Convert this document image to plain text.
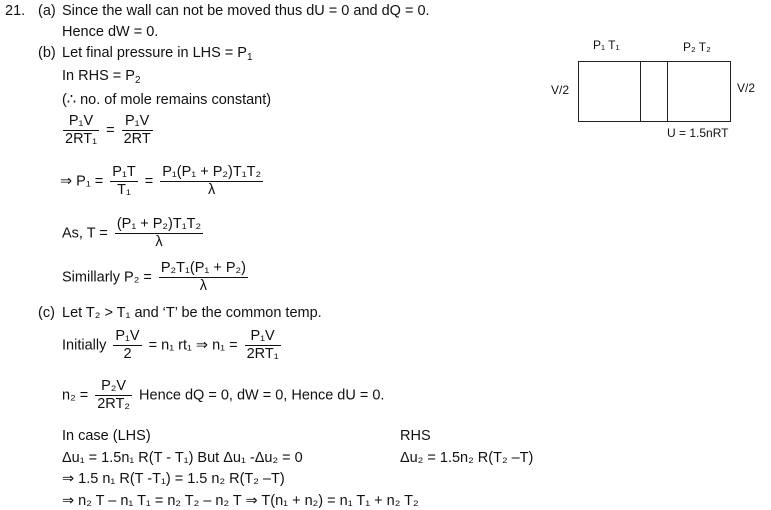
21. (a) Since the wall can not be moved thus dU = 0 and dQ = 0.
Hence dW = 0.
(b) Let final pressure in LHS = $P_1$
In RHS = $P_2$
(∴ no. of mole remains constant)
$\frac{\text{P₁V}}{\text{2RT₁}} = \frac{\text{P₁V}}{2RT}$
⇒ $P_1 = \frac{\text{P₁T}}{\text{T₁}} = \frac{\text{P₁(P₁ + P₂)T₁T₂}}{\lambda}$
As, $T = \frac{\text{(P₁ + P₂)T₁T₂}}{\lambda}$
Simillarly $P_2 = \frac{\text{P₂T₁(P₁ + P₂)}}{\lambda}$
(c) Let T₂ > T₁ and ‘T’ be the common temp.
Initially $\frac{\text{P₁V}}{2} = n_1$ rt₁ ⇒ $n_1 = \frac{\text{P₁V}}{\text{2RT₁}}$
$n_2 = \frac{\text{P₂V}}{\text{2RT₂}}$ Hence dQ = 0, dW = 0, Hence dU = 0.
In case (LHS)	RHS
Δu₁ = 1.5n₁ R(T - T₁) But Δu₁ -Δu₂ = 0	Δu₂ = 1.5n₂ R(T₂ –T)
⇒ 1.5 n₁ R(T -T₁) = 1.5 n₂ R(T₂ –T)
⇒ n₂ T – n₁ T₁ = n₂ T₂ – n₂ T ⇒ T(n₁ + n₂) = n₁ T₁ + n₂ T₂
P₁ T₁	P₂ T₂
V/2	V/2
U = 1.5nRT
